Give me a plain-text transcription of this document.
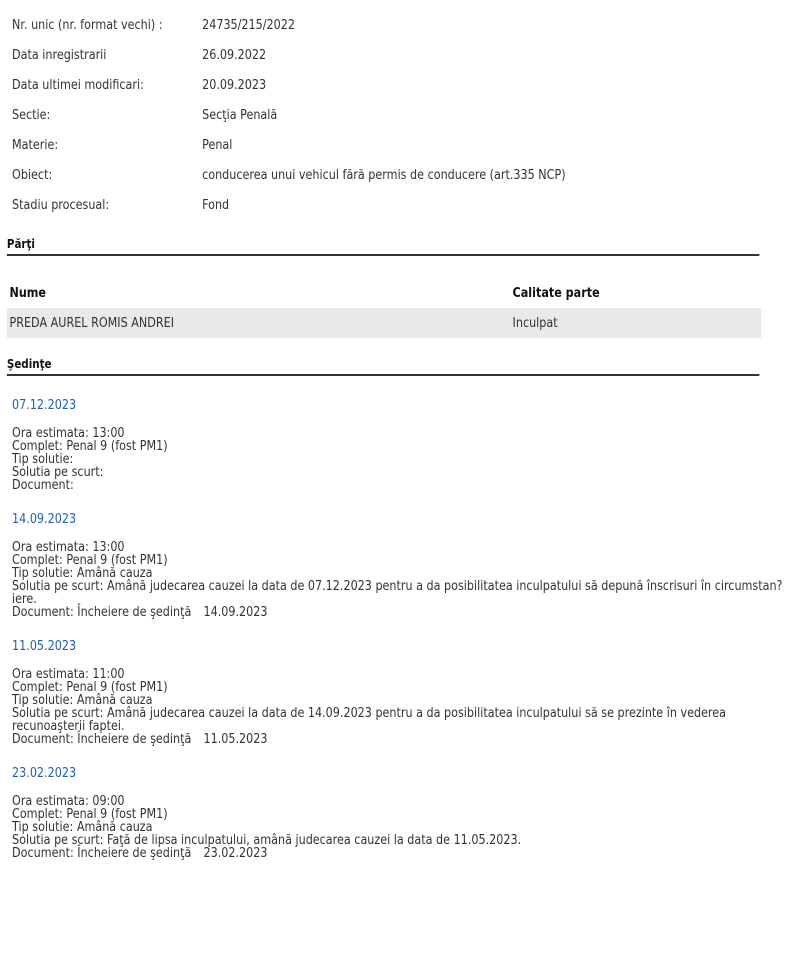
Nr. unic (nr. format vechi) :	24735/215/2022
Data inregistrarii	26.09.2022
Data ultimei modificari:	20.09.2023
Sectie:	Secţia Penală
Materie:	Penal
Obiect:	conducerea unui vehicul fără permis de conducere (art.335 NCP)
Stadiu procesual:	Fond
Părţi
Nume	Calitate parte
PREDA AUREL ROMIS ANDREI	Inculpat
Şedinţe
07.12.2023
Ora estimata: 13:00
Complet: Penal 9 (fost PM1)
Tip solutie:
Solutia pe scurt:
Document:
14.09.2023
Ora estimata: 13:00
Complet: Penal 9 (fost PM1)
Tip solutie: Amână cauza
Solutia pe scurt: Amână judecarea cauzei la data de 07.12.2023 pentru a da posibilitatea inculpatului să depună înscrisuri în circumstan?iere.
Document: Încheiere de şedinţă 14.09.2023
11.05.2023
Ora estimata: 11:00
Complet: Penal 9 (fost PM1)
Tip solutie: Amână cauza
Solutia pe scurt: Amână judecarea cauzei la data de 14.09.2023 pentru a da posibilitatea inculpatului să se prezinte în vederea recunoaşterii faptei.
Document: Încheiere de şedinţă 11.05.2023
23.02.2023
Ora estimata: 09:00
Complet: Penal 9 (fost PM1)
Tip solutie: Amână cauza
Solutia pe scurt: Faţă de lipsa inculpatului, amână judecarea cauzei la data de 11.05.2023.
Document: Încheiere de şedinţă 23.02.2023
